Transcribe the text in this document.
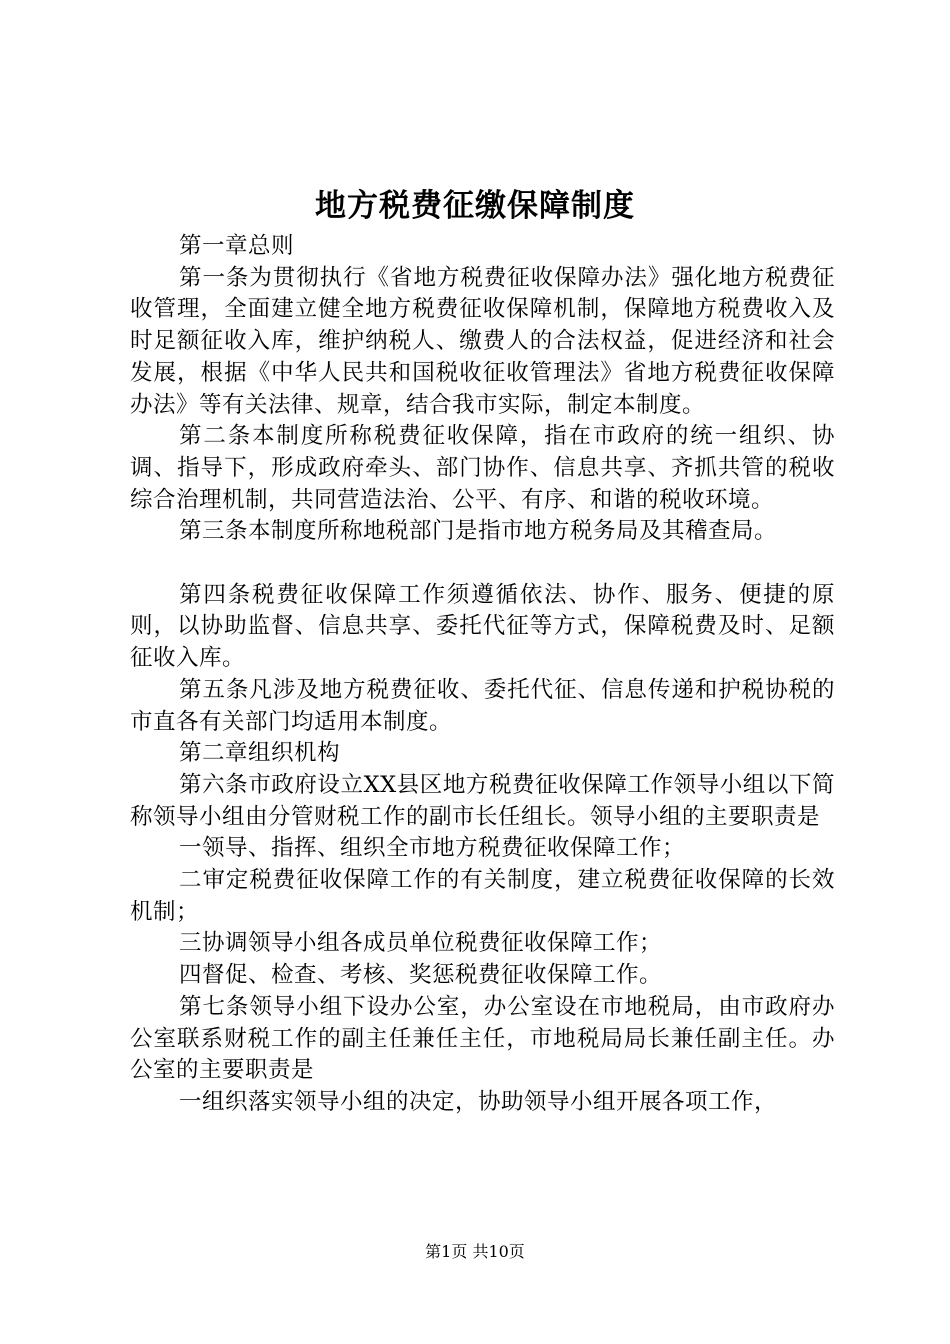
地方税费征缴保障制度

第一章总则

第一条为贯彻执行《省地方税费征收保障办法》强化地方税费征收管理，全面建立健全地方税费征收保障机制，保障地方税费收入及时足额征收入库，维护纳税人、缴费人的合法权益，促进经济和社会发展，根据《中华人民共和国税收征收管理法》省地方税费征收保障办法》等有关法律、规章，结合我市实际，制定本制度。

第二条本制度所称税费征收保障，指在市政府的统一组织、协调、指导下，形成政府牵头、部门协作、信息共享、齐抓共管的税收综合治理机制，共同营造法治、公平、有序、和谐的税收环境。

第三条本制度所称地税部门是指市地方税务局及其稽查局。

第四条税费征收保障工作须遵循依法、协作、服务、便捷的原则，以协助监督、信息共享、委托代征等方式，保障税费及时、足额征收入库。

第五条凡涉及地方税费征收、委托代征、信息传递和护税协税的市直各有关部门均适用本制度。

第二章组织机构

第六条市政府设立XX县区地方税费征收保障工作领导小组以下简称领导小组由分管财税工作的副市长任组长。领导小组的主要职责是

一领导、指挥、组织全市地方税费征收保障工作；

二审定税费征收保障工作的有关制度，建立税费征收保障的长效机制；

三协调领导小组各成员单位税费征收保障工作；

四督促、检查、考核、奖惩税费征收保障工作。

第七条领导小组下设办公室，办公室设在市地税局，由市政府办公室联系财税工作的副主任兼任主任，市地税局局长兼任副主任。办公室的主要职责是

一组织落实领导小组的决定，协助领导小组开展各项工作，

第1页 共10页
